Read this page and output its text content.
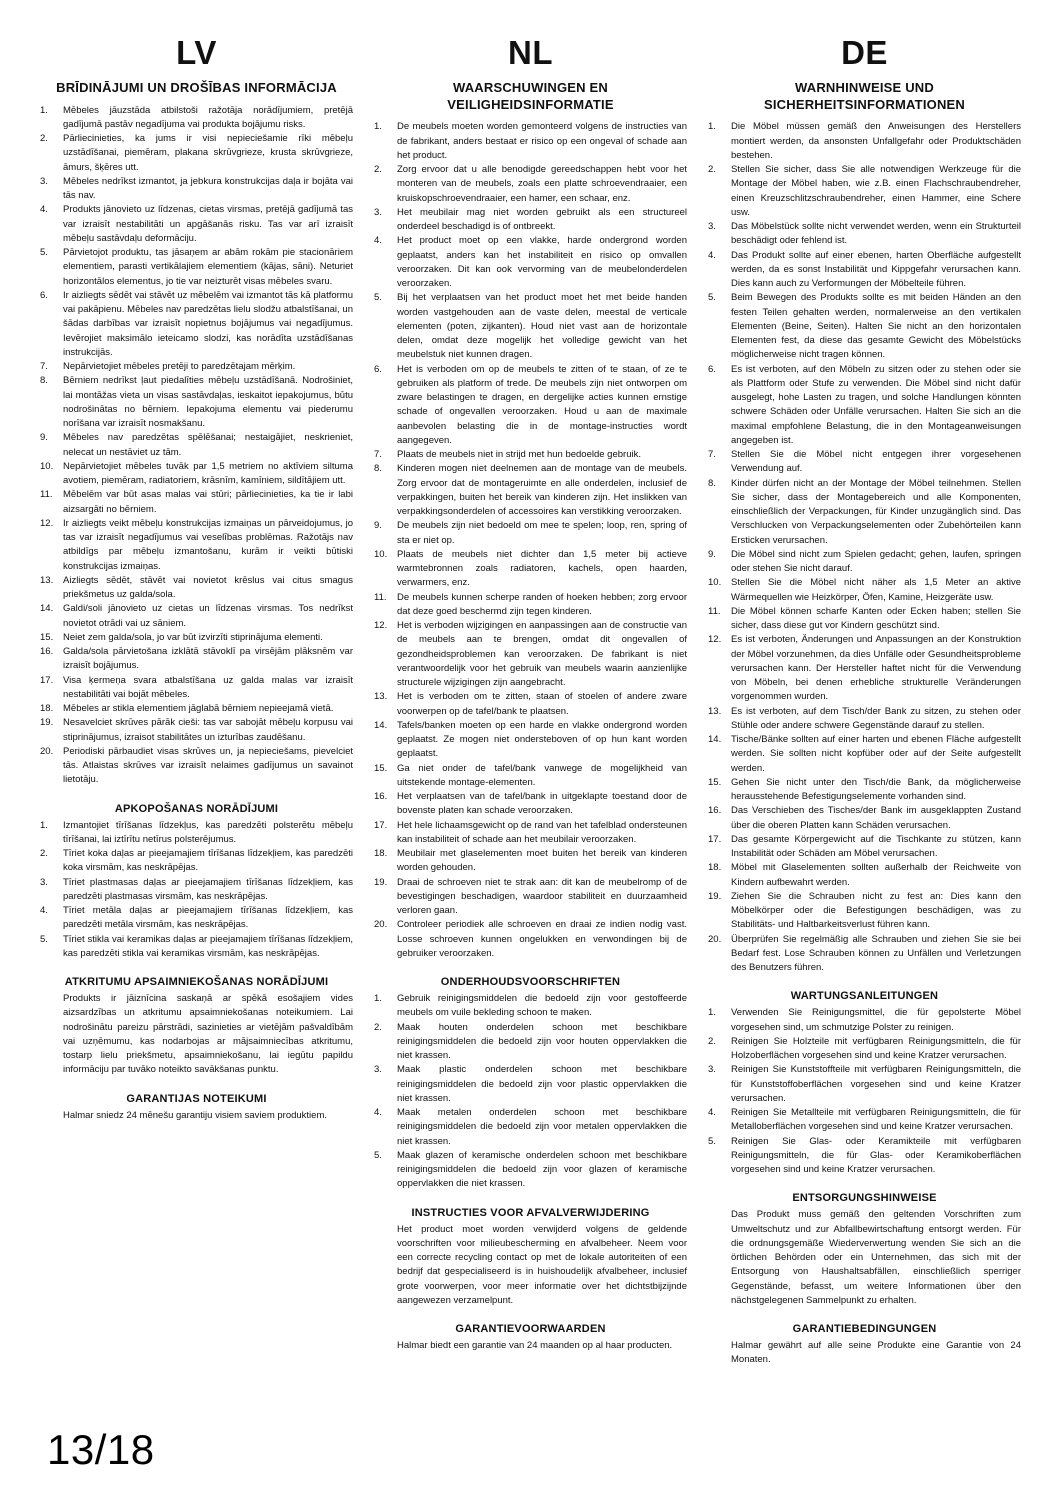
LV
BRĪDINĀJUMI UN DROŠĪBAS INFORMĀCIJA
1.	Mēbeles jāuzstāda atbilstoši ražotāja norādījumiem, pretējā gadījumā pastāv negadījuma vai produkta bojājumu risks.
2.	Pārliecinieties, ka jums ir visi nepieciešamie rīki mēbeļu uzstādīšanai, piemēram, plakana skrūvgrieze, krusta skrūvgrieze, āmurs, šķēres utt.
3.	Mēbeles nedrīkst izmantot, ja jebkura konstrukcijas daļa ir bojāta vai tās nav.
4.	Produkts jānovieto uz līdzenas, cietas virsmas, pretējā gadījumā tas var izraisīt nestabilitāti un apgāšanās risku. Tas var arī izraisīt mēbeļu sastāvdaļu deformāciju.
5.	Pārvietojot produktu, tas jāsaņem ar abām rokām pie stacionāriem elementiem, parasti vertikālajiem elementiem (kājas, sāni). Neturiet horizontālos elementus, jo tie var neizturēt visas mēbeles svaru.
6.	Ir aizliegts sēdēt vai stāvēt uz mēbelēm vai izmantot tās kā platformu vai pakāpienu. Mēbeles nav paredzētas lielu slodžu atbalstīšanai, un šādas darbības var izraisīt nopietnus bojājumus vai negadījumus. Ievērojiet maksimālo ieteicamo slodzi, kas norādīta uzstādīšanas instrukcijās.
7.	Nepārvietojiet mēbeles pretēji to paredzētajam mērķim.
8.	Bērniem nedrīkst ļaut piedalīties mēbeļu uzstādīšanā. Nodrošiniet, lai montāžas vieta un visas sastāvdaļas, ieskaitot iepakojumus, būtu nodrošinātas no bērniem. Iepakojuma elementu vai piederumu norīšana var izraisīt nosmakšanu.
9.	Mēbeles nav paredzētas spēlēšanai; nestaigājiet, neskrieniet, nelecat un nestāviet uz tām.
10.	Nepārvietojiet mēbeles tuvāk par 1,5 metriem no aktīviem siltuma avotiem, piemēram, radiatoriem, krāsnīm, kamīniem, sildītājiem utt.
11.	Mēbelēm var būt asas malas vai stūri; pārliecinieties, ka tie ir labi aizsargāti no bērniem.
12.	Ir aizliegts veikt mēbeļu konstrukcijas izmaiņas un pārveidojumus, jo tas var izraisīt negadījumus vai veselības problēmas. Ražotājs nav atbildīgs par mēbeļu izmantošanu, kurām ir veikti būtiski konstrukcijas izmaiņas.
13.	Aizliegts sēdēt, stāvēt vai novietot krēslus vai citus smagus priekšmetus uz galda/sola.
14.	Galdi/soli jānovieto uz cietas un līdzenas virsmas. Tos nedrīkst novietot otrādi vai uz sāniem.
15.	Neiet zem galda/sola, jo var būt izvirzīti stiprinājuma elementi.
16.	Galda/sola pārvietošana izklātā stāvoklī pa virsējām plāksnēm var izraisīt bojājumus.
17.	Visa ķermeņa svara atbalstīšana uz galda malas var izraisīt nestabilitāti vai bojāt mēbeles.
18.	Mēbeles ar stikla elementiem jāglabā bērniem nepieejamā vietā.
19.	Nesavelciet skrūves pārāk cieši: tas var sabojāt mēbeļu korpusu vai stiprinājumus, izraisot stabilitātes un izturības zaudēšanu.
20.	Periodiski pārbaudiet visas skrūves un, ja nepieciešams, pievelciet tās. Atlaistas skrūves var izraisīt nelaimes gadījumus un savainot lietotāju.
APKOPOŠANAS NORĀDĪJUMI
1.	Izmantojiet tīrīšanas līdzekļus, kas paredzēti polsterētu mēbeļu tīrīšanai, lai iztīrītu netīrus polsterējumus.
2.	Tīriet koka daļas ar pieejamajiem tīrīšanas līdzekļiem, kas paredzēti koka virsmām, kas neskrāpējas.
3.	Tīriet plastmasas daļas ar pieejamajiem tīrīšanas līdzekļiem, kas paredzēti plastmasas virsmām, kas neskrāpējas.
4.	Tīriet metāla daļas ar pieejamajiem tīrīšanas līdzekļiem, kas paredzēti metāla virsmām, kas neskrāpējas.
5.	Tīriet stikla vai keramikas daļas ar pieejamajiem tīrīšanas līdzekļiem, kas paredzēti stikla vai keramikas virsmām, kas neskrāpējas.
ATKRITUMU APSAIMNIEKOŠANAS NORĀDĪJUMI

Produkts ir jāiznīcina saskaņā ar spēkā esošajiem vides aizsardzības un atkritumu apsaimniekošanas noteikumiem. Lai nodrošinātu pareizu pārstrādi, sazinieties ar vietējām pašvaldībām vai uzņēmumu, kas nodarbojas ar mājsaimniecības atkritumu, tostarp lielu priekšmetu, apsaimniekošanu, lai iegūtu papildu informāciju par tuvāko noteikto savākšanas punktu.

GARANTIJAS NOTEIKUMI

Halmar sniedz 24 mēnešu garantiju visiem saviem produktiem.

NL
WAARSCHUWINGEN EN
VEILIGHEIDSINFORMATIE
1.	De meubels moeten worden gemonteerd volgens de instructies van de fabrikant, anders bestaat er risico op een ongeval of schade aan het product.
2.	Zorg ervoor dat u alle benodigde gereedschappen hebt voor het monteren van de meubels, zoals een platte schroevendraaier, een kruiskopschroevendraaier, een hamer, een schaar, enz.
3.	Het meubilair mag niet worden gebruikt als een structureel onderdeel beschadigd is of ontbreekt.
4.	Het product moet op een vlakke, harde ondergrond worden geplaatst, anders kan het instabiliteit en risico op omvallen veroorzaken. Dit kan ook vervorming van de meubelonderdelen veroorzaken.
5.	Bij het verplaatsen van het product moet het met beide handen worden vastgehouden aan de vaste delen, meestal de verticale elementen (poten, zijkanten). Houd niet vast aan de horizontale delen, omdat deze mogelijk het volledige gewicht van het meubelstuk niet kunnen dragen.
6.	Het is verboden om op de meubels te zitten of te staan, of ze te gebruiken als platform of trede. De meubels zijn niet ontworpen om zware belastingen te dragen, en dergelijke acties kunnen ernstige schade of ongevallen veroorzaken. Houd u aan de maximale aanbevolen belasting die in de montage-instructies wordt aangegeven.
7.	Plaats de meubels niet in strijd met hun bedoelde gebruik.
8.	Kinderen mogen niet deelnemen aan de montage van de meubels. Zorg ervoor dat de montageruimte en alle onderdelen, inclusief de verpakkingen, buiten het bereik van kinderen zijn. Het inslikken van verpakkingsonderdelen of accessoires kan verstikking veroorzaken.
9.	De meubels zijn niet bedoeld om mee te spelen; loop, ren, spring of sta er niet op.
10.	Plaats de meubels niet dichter dan 1,5 meter bij actieve warmtebronnen zoals radiatoren, kachels, open haarden, verwarmers, enz.
11.	De meubels kunnen scherpe randen of hoeken hebben; zorg ervoor dat deze goed beschermd zijn tegen kinderen.
12.	Het is verboden wijzigingen en aanpassingen aan de constructie van de meubels aan te brengen, omdat dit ongevallen of gezondheidsproblemen kan veroorzaken. De fabrikant is niet verantwoordelijk voor het gebruik van meubels waarin aanzienlijke structurele wijzigingen zijn aangebracht.
13.	Het is verboden om te zitten, staan of stoelen of andere zware voorwerpen op de tafel/bank te plaatsen.
14.	Tafels/banken moeten op een harde en vlakke ondergrond worden geplaatst. Ze mogen niet ondersteboven of op hun kant worden geplaatst.
15.	Ga niet onder de tafel/bank vanwege de mogelijkheid van uitstekende montage-elementen.
16.	Het verplaatsen van de tafel/bank in uitgeklapte toestand door de bovenste platen kan schade veroorzaken.
17.	Het hele lichaamsgewicht op de rand van het tafelblad ondersteunen kan instabiliteit of schade aan het meubilair veroorzaken.
18.	Meubilair met glaselementen moet buiten het bereik van kinderen worden gehouden.
19.	Draai de schroeven niet te strak aan: dit kan de meubelromp of de bevestigingen beschadigen, waardoor stabiliteit en duurzaamheid verloren gaan.
20.	Controleer periodiek alle schroeven en draai ze indien nodig vast. Losse schroeven kunnen ongelukken en verwondingen bij de gebruiker veroorzaken.
ONDERHOUDSVOORSCHRIFTEN
1.	Gebruik reinigingsmiddelen die bedoeld zijn voor gestoffeerde meubels om vuile bekleding schoon te maken.
2.	Maak houten onderdelen schoon met beschikbare reinigingsmiddelen die bedoeld zijn voor houten oppervlakken die niet krassen.
3.	Maak plastic onderdelen schoon met beschikbare reinigingsmiddelen die bedoeld zijn voor plastic oppervlakken die niet krassen.
4.	Maak metalen onderdelen schoon met beschikbare reinigingsmiddelen die bedoeld zijn voor metalen oppervlakken die niet krassen.
5.	Maak glazen of keramische onderdelen schoon met beschikbare reinigingsmiddelen die bedoeld zijn voor glazen of keramische oppervlakken die niet krassen.
INSTRUCTIES VOOR AFVALVERWIJDERING

Het product moet worden verwijderd volgens de geldende voorschriften voor milieubescherming en afvalbeheer. Neem voor een correcte recycling contact op met de lokale autoriteiten of een bedrijf dat gespecialiseerd is in huishoudelijk afvalbeheer, inclusief grote voorwerpen, voor meer informatie over het dichtstbijzijnde aangewezen verzamelpunt.

GARANTIEVOORWAARDEN

Halmar biedt een garantie van 24 maanden op al haar producten.

DE
WARNHINWEISE UND
SICHERHEITSINFORMATIONEN
1.	Die Möbel müssen gemäß den Anweisungen des Herstellers montiert werden, da ansonsten Unfallgefahr oder Produktschäden bestehen.
2.	Stellen Sie sicher, dass Sie alle notwendigen Werkzeuge für die Montage der Möbel haben, wie z.B. einen Flachschraubendreher, einen Kreuzschlitzschraubendreher, einen Hammer, eine Schere usw.
3.	Das Möbelstück sollte nicht verwendet werden, wenn ein Strukturteil beschädigt oder fehlend ist.
4.	Das Produkt sollte auf einer ebenen, harten Oberfläche aufgestellt werden, da es sonst Instabilität und Kippgefahr verursachen kann. Dies kann auch zu Verformungen der Möbelteile führen.
5.	Beim Bewegen des Produkts sollte es mit beiden Händen an den festen Teilen gehalten werden, normalerweise an den vertikalen Elementen (Beine, Seiten). Halten Sie nicht an den horizontalen Elementen fest, da diese das gesamte Gewicht des Möbelstücks möglicherweise nicht tragen können.
6.	Es ist verboten, auf den Möbeln zu sitzen oder zu stehen oder sie als Plattform oder Stufe zu verwenden. Die Möbel sind nicht dafür ausgelegt, hohe Lasten zu tragen, und solche Handlungen könnten schwere Schäden oder Unfälle verursachen. Halten Sie sich an die maximal empfohlene Belastung, die in den Montageanweisungen angegeben ist.
7.	Stellen Sie die Möbel nicht entgegen ihrer vorgesehenen Verwendung auf.
8.	Kinder dürfen nicht an der Montage der Möbel teilnehmen. Stellen Sie sicher, dass der Montagebereich und alle Komponenten, einschließlich der Verpackungen, für Kinder unzugänglich sind. Das Verschlucken von Verpackungselementen oder Zubehörteilen kann Ersticken verursachen.
9.	Die Möbel sind nicht zum Spielen gedacht; gehen, laufen, springen oder stehen Sie nicht darauf.
10.	Stellen Sie die Möbel nicht näher als 1,5 Meter an aktive Wärmequellen wie Heizkörper, Öfen, Kamine, Heizgeräte usw.
11.	Die Möbel können scharfe Kanten oder Ecken haben; stellen Sie sicher, dass diese gut vor Kindern geschützt sind.
12.	Es ist verboten, Änderungen und Anpassungen an der Konstruktion der Möbel vorzunehmen, da dies Unfälle oder Gesundheitsprobleme verursachen kann. Der Hersteller haftet nicht für die Verwendung von Möbeln, bei denen erhebliche strukturelle Veränderungen vorgenommen wurden.
13.	Es ist verboten, auf dem Tisch/der Bank zu sitzen, zu stehen oder Stühle oder andere schwere Gegenstände darauf zu stellen.
14.	Tische/Bänke sollten auf einer harten und ebenen Fläche aufgestellt werden. Sie sollten nicht kopfüber oder auf der Seite aufgestellt werden.
15.	Gehen Sie nicht unter den Tisch/die Bank, da möglicherweise herausstehende Befestigungselemente vorhanden sind.
16.	Das Verschieben des Tisches/der Bank im ausgeklappten Zustand über die oberen Platten kann Schäden verursachen.
17.	Das gesamte Körpergewicht auf die Tischkante zu stützen, kann Instabilität oder Schäden am Möbel verursachen.
18.	Möbel mit Glaselementen sollten außerhalb der Reichweite von Kindern aufbewahrt werden.
19.	Ziehen Sie die Schrauben nicht zu fest an: Dies kann den Möbelkörper oder die Befestigungen beschädigen, was zu Stabilitäts- und Haltbarkeitsverlust führen kann.
20.	Überprüfen Sie regelmäßig alle Schrauben und ziehen Sie sie bei Bedarf fest. Lose Schrauben können zu Unfällen und Verletzungen des Benutzers führen.
WARTUNGSANLEITUNGEN
1.	Verwenden Sie Reinigungsmittel, die für gepolsterte Möbel vorgesehen sind, um schmutzige Polster zu reinigen.
2.	Reinigen Sie Holzteile mit verfügbaren Reinigungsmitteln, die für Holzoberflächen vorgesehen sind und keine Kratzer verursachen.
3.	Reinigen Sie Kunststoffteile mit verfügbaren Reinigungsmitteln, die für Kunststoffoberflächen vorgesehen sind und keine Kratzer verursachen.
4.	Reinigen Sie Metallteile mit verfügbaren Reinigungsmitteln, die für Metalloberflächen vorgesehen sind und keine Kratzer verursachen.
5.	Reinigen Sie Glas- oder Keramikteile mit verfügbaren Reinigungsmitteln, die für Glas- oder Keramikoberflächen vorgesehen sind und keine Kratzer verursachen.
ENTSORGUNGSHINWEISE

Das Produkt muss gemäß den geltenden Vorschriften zum Umweltschutz und zur Abfallbewirtschaftung entsorgt werden. Für die ordnungsgemäße Wiederverwertung wenden Sie sich an die örtlichen Behörden oder ein Unternehmen, das sich mit der Entsorgung von Haushaltsabfällen, einschließlich sperriger Gegenstände, befasst, um weitere Informationen über den nächstgelegenen Sammelpunkt zu erhalten.

GARANTIEBEDINGUNGEN

Halmar gewährt auf alle seine Produkte eine Garantie von 24 Monaten.

13/18
